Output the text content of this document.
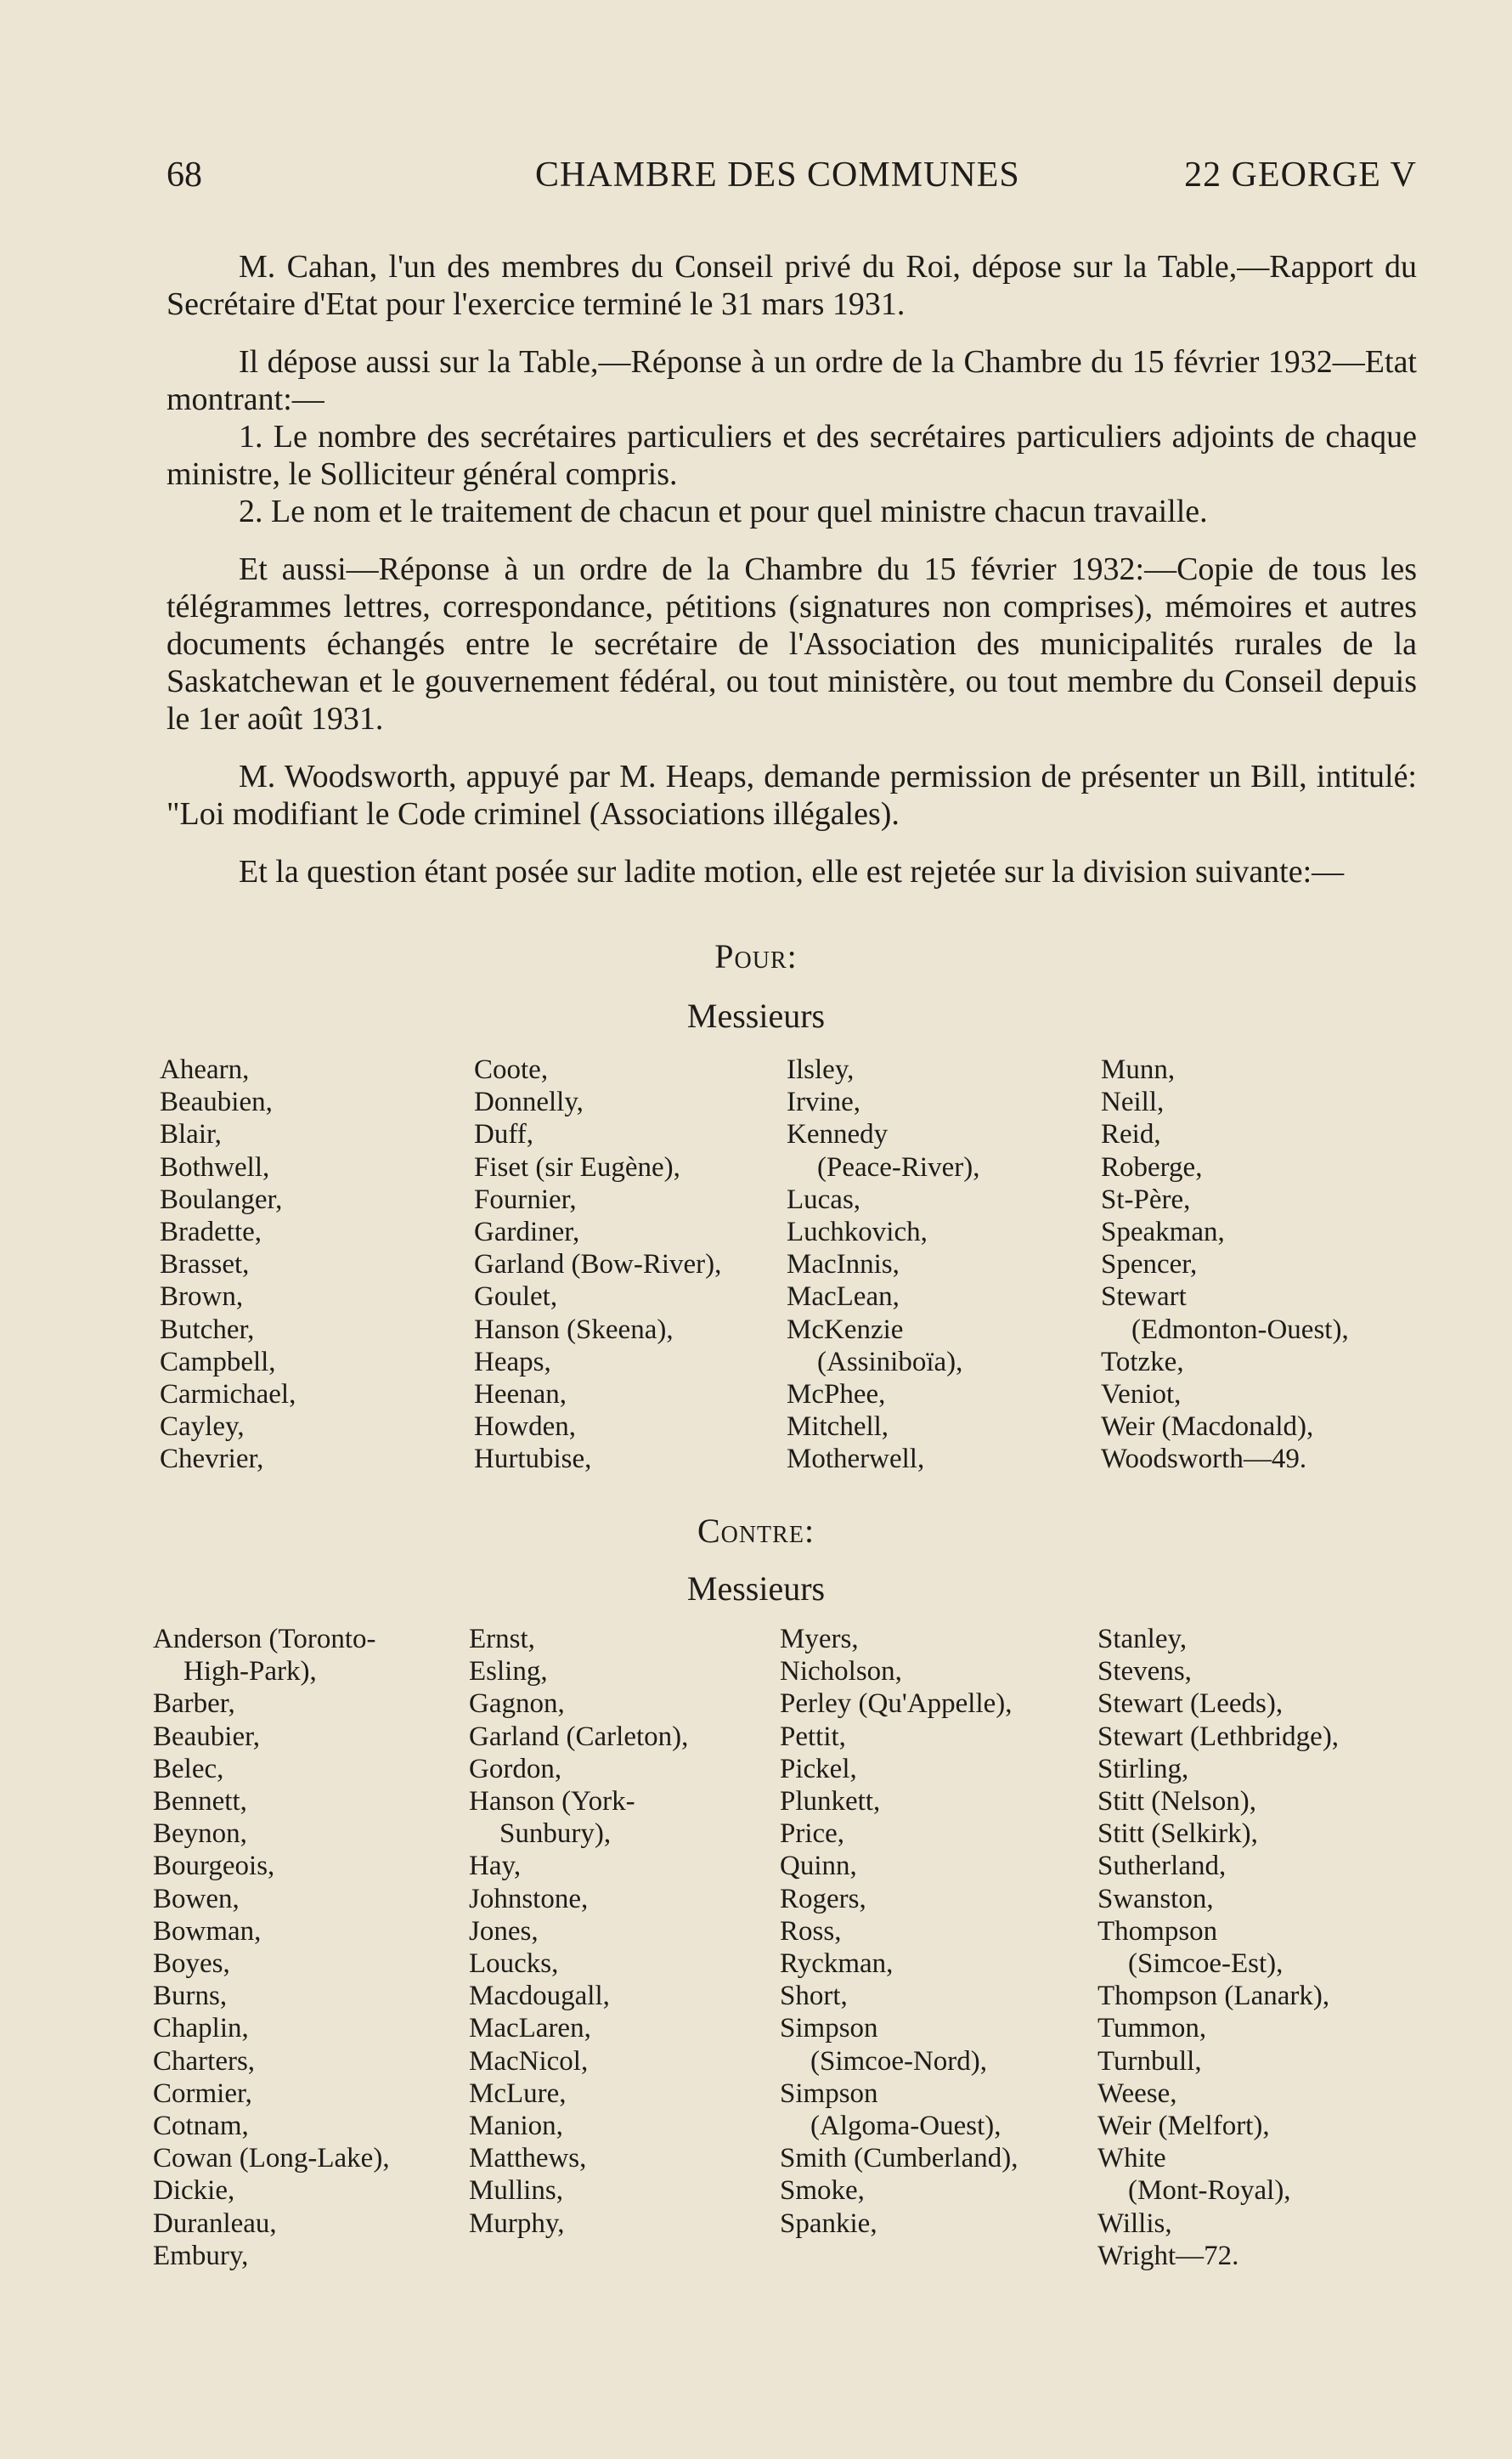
68	CHAMBRE DES COMMUNES	22 GEORGE V

M. Cahan, l'un des membres du Conseil privé du Roi, dépose sur la Table,—Rapport du Secrétaire d'Etat pour l'exercice terminé le 31 mars 1931.

Il dépose aussi sur la Table,—Réponse à un ordre de la Chambre du 15 février 1932—Etat montrant:—

1. Le nombre des secrétaires particuliers et des secrétaires particuliers adjoints de chaque ministre, le Solliciteur général compris.

2. Le nom et le traitement de chacun et pour quel ministre chacun travaille.

Et aussi—Réponse à un ordre de la Chambre du 15 février 1932:—Copie de tous les télégrammes lettres, correspondance, pétitions (signatures non comprises), mémoires et autres documents échangés entre le secrétaire de l'Association des municipalités rurales de la Saskatchewan et le gouvernement fédéral, ou tout ministère, ou tout membre du Conseil depuis le 1er août 1931.

M. Woodsworth, appuyé par M. Heaps, demande permission de présenter un Bill, intitulé: "Loi modifiant le Code criminel (Associations illégales).

Et la question étant posée sur ladite motion, elle est rejetée sur la division suivante:—

Pour:
Messieurs
Ahearn,
Beaubien,
Blair,
Bothwell,
Boulanger,
Bradette,
Brasset,
Brown,
Butcher,
Campbell,
Carmichael,
Cayley,
Chevrier,
Coote,
Donnelly,
Duff,
Fiset (sir Eugène),
Fournier,
Gardiner,
Garland (Bow-River),
Goulet,
Hanson (Skeena),
Heaps,
Heenan,
Howden,
Hurtubise,
Ilsley,
Irvine,
Kennedy
(Peace-River),
Lucas,
Luchkovich,
MacInnis,
MacLean,
McKenzie
(Assiniboïa),
McPhee,
Mitchell,
Motherwell,
Munn,
Neill,
Reid,
Roberge,
St-Père,
Speakman,
Spencer,
Stewart
(Edmonton-Ouest),
Totzke,
Veniot,
Weir (Macdonald),
Woodsworth—49.
Contre:
Messieurs
Anderson (Toronto-
High-Park),
Barber,
Beaubier,
Belec,
Bennett,
Beynon,
Bourgeois,
Bowen,
Bowman,
Boyes,
Burns,
Chaplin,
Charters,
Cormier,
Cotnam,
Cowan (Long-Lake),
Dickie,
Duranleau,
Embury,
Ernst,
Esling,
Gagnon,
Garland (Carleton),
Gordon,
Hanson (York-
Sunbury),
Hay,
Johnstone,
Jones,
Loucks,
Macdougall,
MacLaren,
MacNicol,
McLure,
Manion,
Matthews,
Mullins,
Murphy,
Myers,
Nicholson,
Perley (Qu'Appelle),
Pettit,
Pickel,
Plunkett,
Price,
Quinn,
Rogers,
Ross,
Ryckman,
Short,
Simpson
(Simcoe-Nord),
Simpson
(Algoma-Ouest),
Smith (Cumberland),
Smoke,
Spankie,
Stanley,
Stevens,
Stewart (Leeds),
Stewart (Lethbridge),
Stirling,
Stitt (Nelson),
Stitt (Selkirk),
Sutherland,
Swanston,
Thompson
(Simcoe-Est),
Thompson (Lanark),
Tummon,
Turnbull,
Weese,
Weir (Melfort),
White
(Mont-Royal),
Willis,
Wright—72.
